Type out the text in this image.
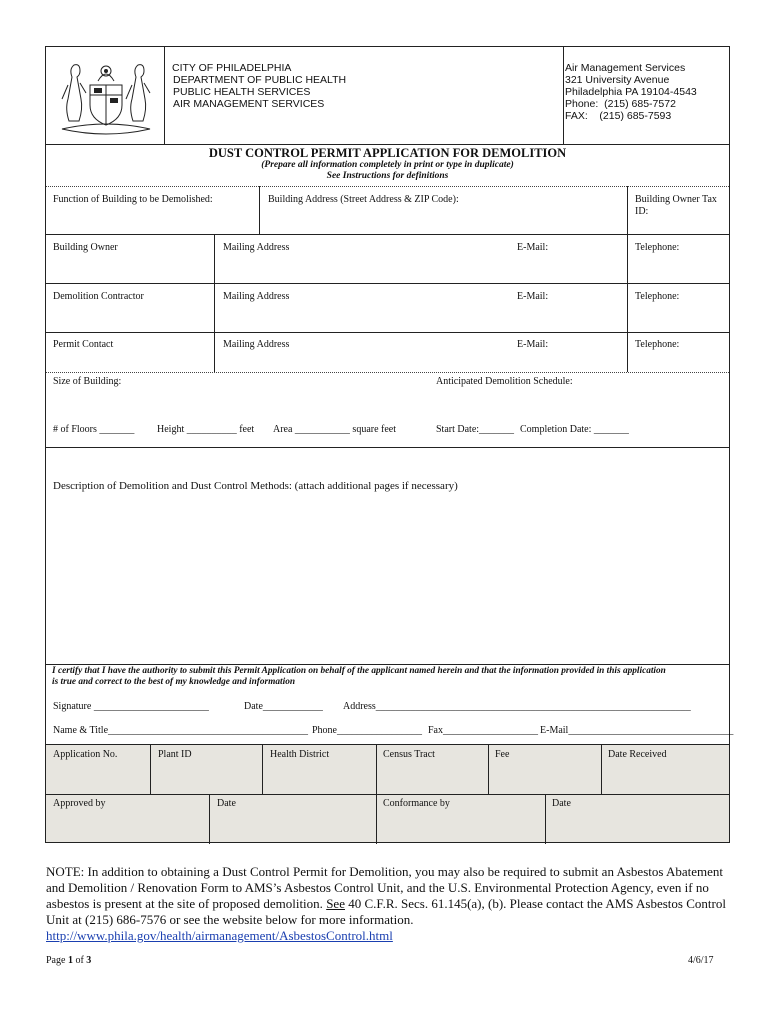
CITY OF PHILADELPHIA
DEPARTMENT OF PUBLIC HEALTH
PUBLIC HEALTH SERVICES
AIR MANAGEMENT SERVICES
Air Management Services
321 University Avenue
Philadelphia PA 19104-4543
Phone:  (215) 685-7572
FAX:    (215) 685-7593
DUST CONTROL PERMIT APPLICATION FOR DEMOLITION
(Prepare all information completely in print or type in duplicate)
See Instructions for definitions
Function of Building to be Demolished:	Building Address (Street Address & ZIP Code):	Building Owner Tax ID:
Building Owner	Mailing Address	E-Mail:	Telephone:
Demolition Contractor	Mailing Address	E-Mail:	Telephone:
Permit Contact	Mailing Address	E-Mail:	Telephone:
Size of Building:	Anticipated Demolition Schedule:
# of Floors _______ Height __________ feet Area ___________ square feet	Start Date:_______ Completion Date: _______
Description of Demolition and Dust Control Methods: (attach additional pages if necessary)
I certify that I have the authority to submit this Permit Application on behalf of the applicant named herein and that the information provided in this application
is true and correct to the best of my knowledge and information
Signature _______________________	Date____________ Address_______________________________________________________________
Name & Title________________________________________ Phone_________________ Fax___________________ E-Mail_________________________________
Application No.	Plant ID	Health District	Census Tract	Fee	Date Received
Approved by	Date	Conformance by	Date
NOTE: In addition to obtaining a Dust Control Permit for Demolition, you may also be required to submit an Asbestos Abatement and Demolition / Renovation Form to AMS’s Asbestos Control Unit, and the U.S. Environmental Protection Agency, even if no asbestos is present at the site of proposed demolition. See 40 C.F.R. Secs. 61.145(a), (b). Please contact the AMS Asbestos Control Unit at (215) 686-7576 or see the website below for more information.
http://www.phila.gov/health/airmanagement/AsbestosControl.html
Page 1 of 3	4/6/17
